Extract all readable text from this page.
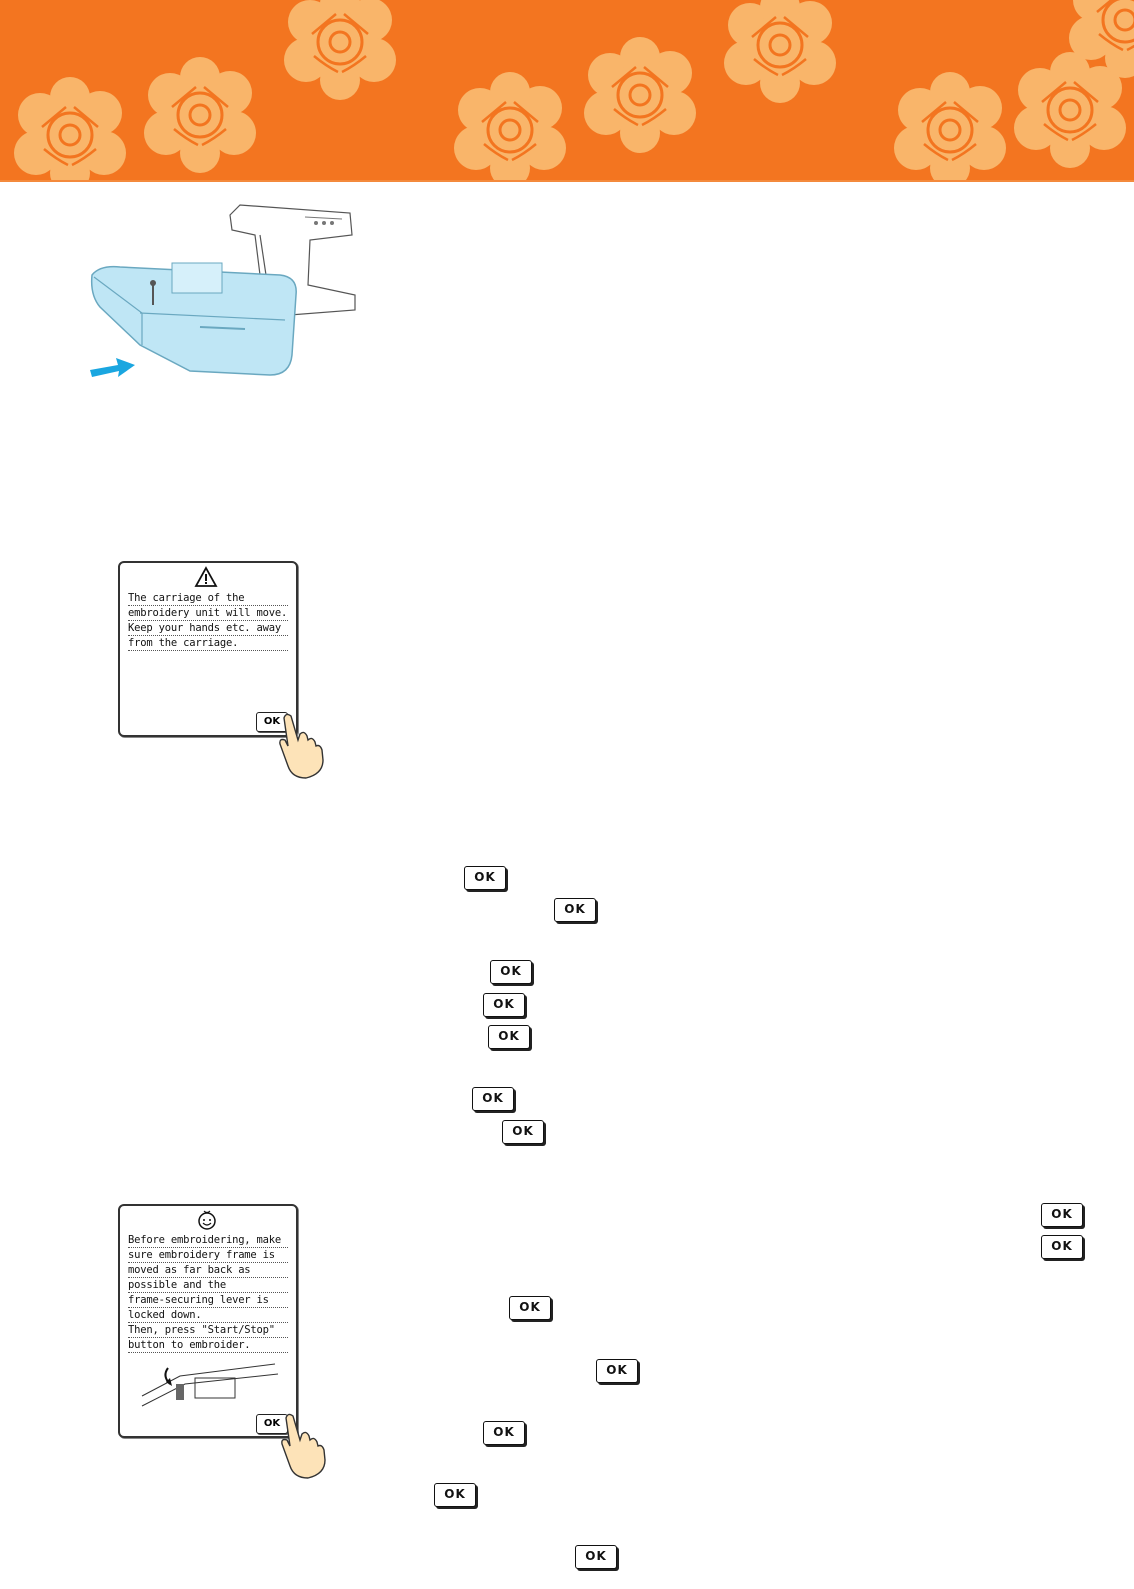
The carriage of the
embroidery unit will move.
Keep your hands etc. away
from the carriage.
OK
Before embroidering, make
sure embroidery frame is
moved as far back as
possible and the
frame-securing lever is
locked down.
Then, press "Start/Stop"
button to embroider.
OK
OK
OK
OK
OK
OK
OK
OK
OK
OK
OK
OK
OK
OK
OK
